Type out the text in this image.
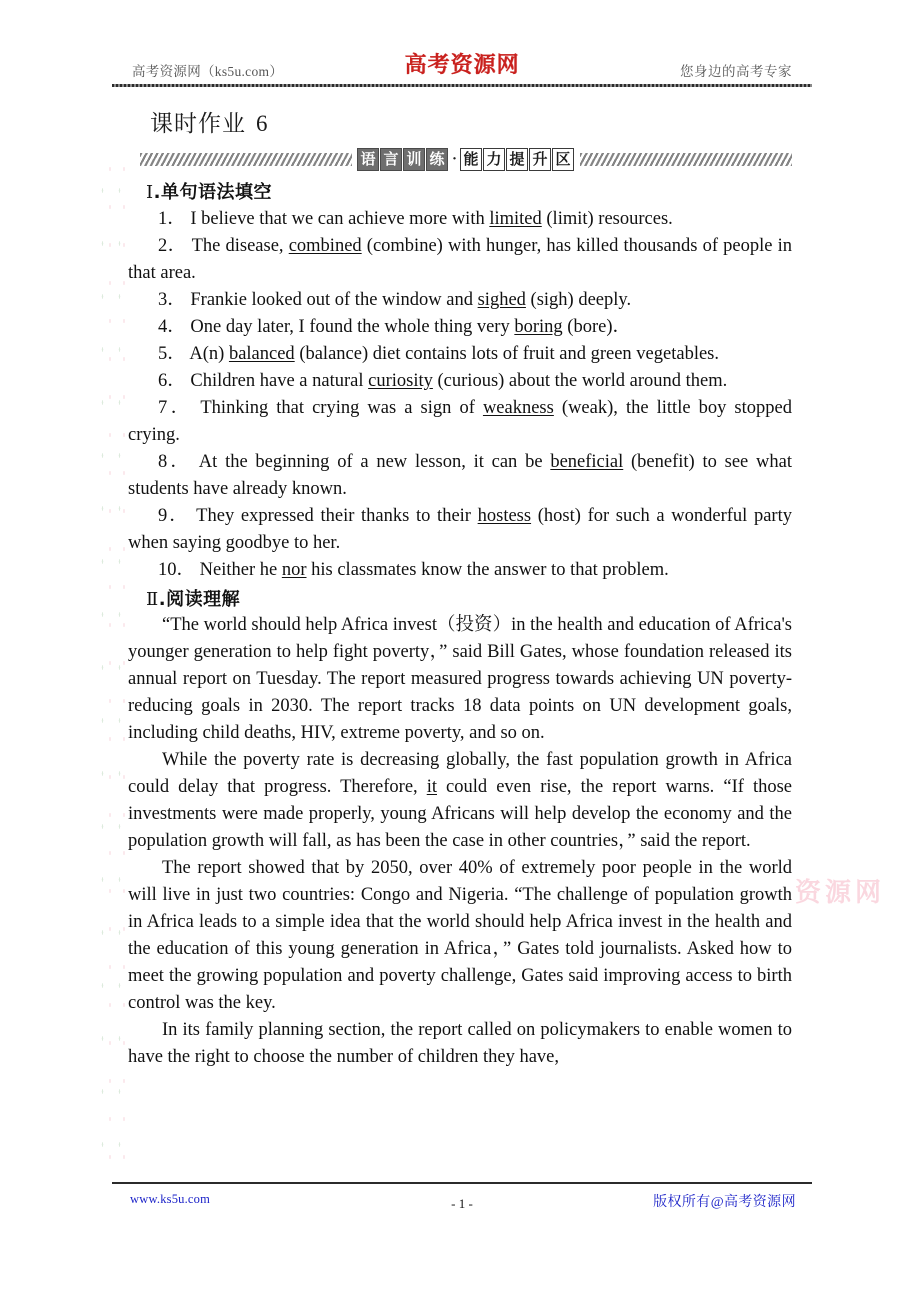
高考资源网（ks5u.com）	高考资源网	您身边的高考专家
课时作业 6
语 言 训 练 · 能 力 提 升 区
Ⅰ.单句语法填空

1． I believe that we can achieve more with limited (limit) resources.

2． The disease, combined (combine) with hunger, has killed thousands of people in that area.

3． Frankie looked out of the window and sighed (sigh) deeply.

4． One day later, I found the whole thing very boring (bore)．

5． A(n) balanced (balance) diet contains lots of fruit and green vegetables.

6． Children have a natural curiosity (curious) about the world around them.

7． Thinking that crying was a sign of weakness (weak), the little boy stopped crying.

8． At the beginning of a new lesson, it can be beneficial (benefit) to see what students have already known.

9． They expressed their thanks to their hostess (host) for such a wonderful party when saying goodbye to her.

10． Neither he nor his classmates know the answer to that problem.

Ⅱ.阅读理解

“The world should help Africa invest（投资）in the health and education of Africa's younger generation to help fight poverty，” said Bill Gates, whose foundation released its annual report on Tuesday. The report measured progress towards achieving UN poverty-reducing goals in 2030. The report tracks 18 data points on UN development goals, including child deaths, HIV, extreme poverty, and so on.

While the poverty rate is decreasing globally, the fast population growth in Africa could delay that progress. Therefore, it could even rise, the report warns. “If those investments were made properly, young Africans will help develop the economy and the population growth will fall, as has been the case in other countries，” said the report.

The report showed that by 2050, over 40% of extremely poor people in the world will live in just two countries: Congo and Nigeria. “The challenge of population growth in Africa leads to a simple idea that the world should help Africa invest in the health and the education of this young generation in Africa，” Gates told journalists. Asked how to meet the growing population and poverty challenge, Gates said improving access to birth control was the key.

In its family planning section, the report called on policymakers to enable women to have the right to choose the number of children they have,

资源网
www.ks5u.com	- 1 -	版权所有@高考资源网
